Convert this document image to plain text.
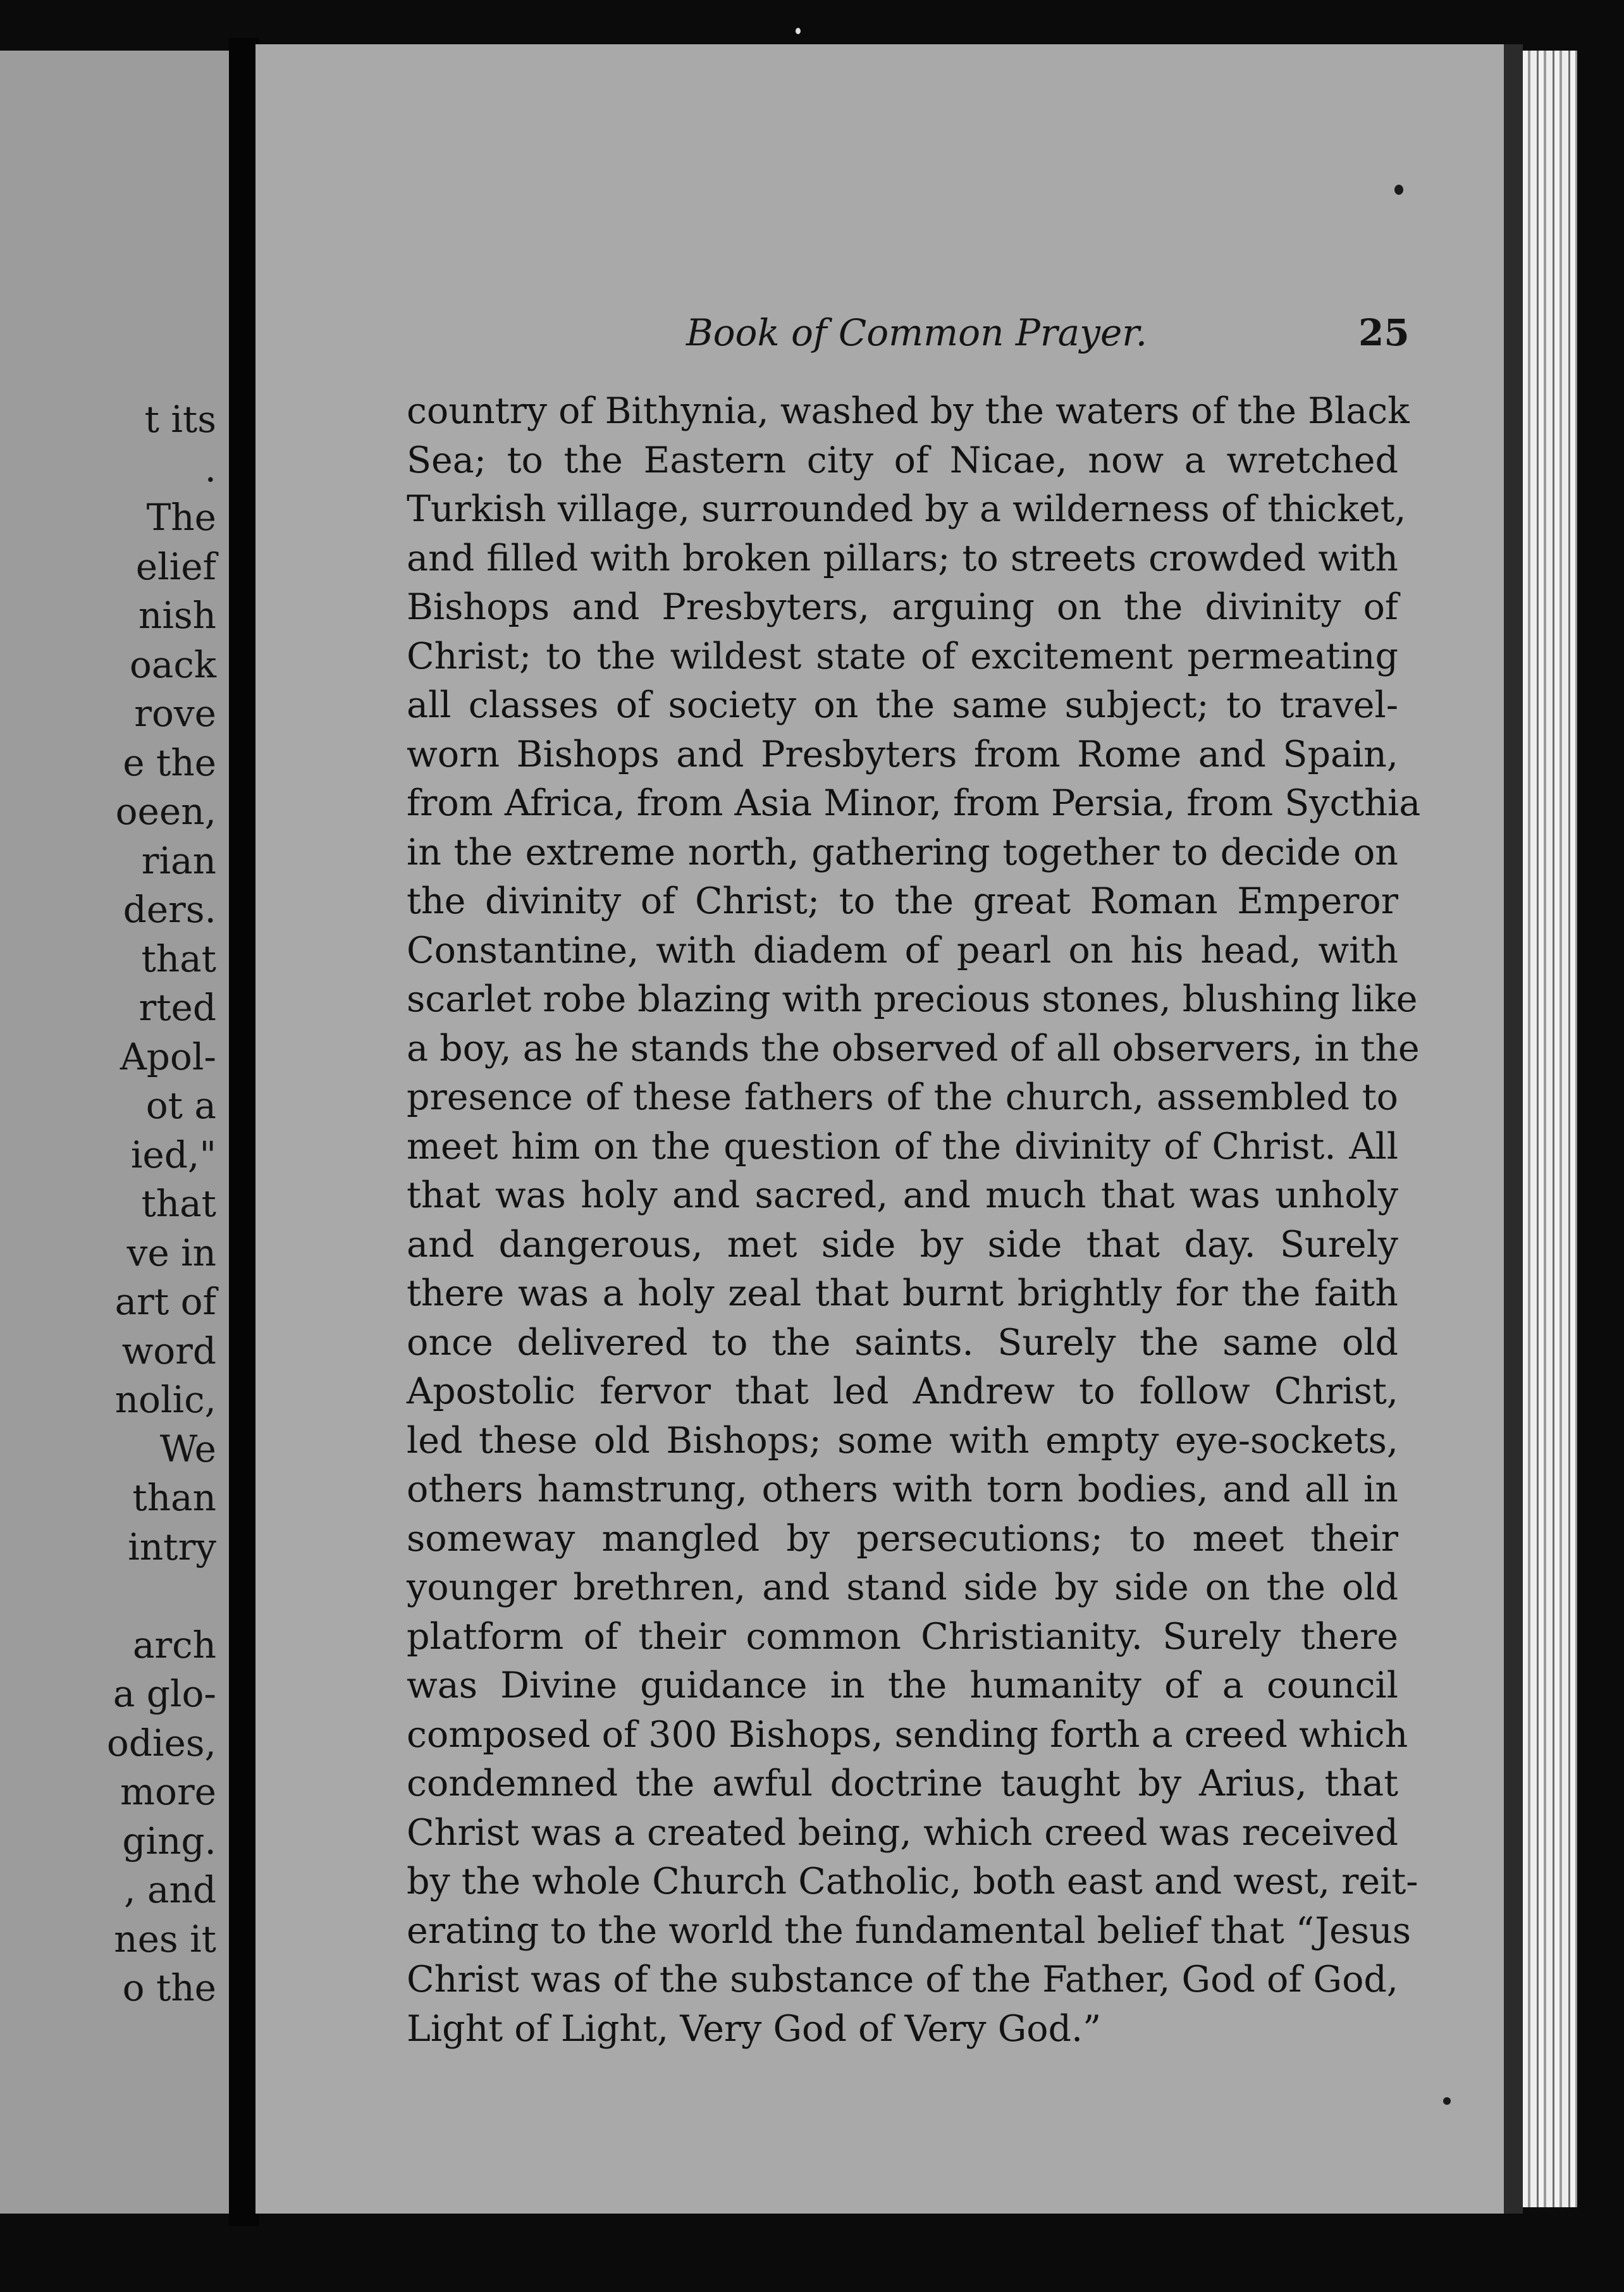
t its
.
The
elief
nish
oack
rove
e the
oeen,
rian
ders.
that
rted
Apol-
ot a
ied,"
that
ve in
art of
word
nolic,
We
than
intry
arch
a glo-
odies,
more
ging.
, and
nes it
o the
Book of Common Prayer.	25
country of Bithynia, washed by the waters of the Black
Sea; to the Eastern city of Nicae, now a wretched
Turkish village, surrounded by a wilderness of thicket,
and filled with broken pillars; to streets crowded with
Bishops and Presbyters, arguing on the divinity of
Christ; to the wildest state of excitement permeating
all classes of society on the same subject; to travel-
worn Bishops and Presbyters from Rome and Spain,
from Africa, from Asia Minor, from Persia, from Sycthia
in the extreme north, gathering together to decide on
the divinity of Christ; to the great Roman Emperor
Constantine, with diadem of pearl on his head, with
scarlet robe blazing with precious stones, blushing like
a boy, as he stands the observed of all observers, in the
presence of these fathers of the church, assembled to
meet him on the question of the divinity of Christ. All
that was holy and sacred, and much that was unholy
and dangerous, met side by side that day. Surely
there was a holy zeal that burnt brightly for the faith
once delivered to the saints. Surely the same old
Apostolic fervor that led Andrew to follow Christ,
led these old Bishops; some with empty eye-sockets,
others hamstrung, others with torn bodies, and all in
someway mangled by persecutions; to meet their
younger brethren, and stand side by side on the old
platform of their common Christianity. Surely there
was Divine guidance in the humanity of a council
composed of 300 Bishops, sending forth a creed which
condemned the awful doctrine taught by Arius, that
Christ was a created being, which creed was received
by the whole Church Catholic, both east and west, reit-
erating to the world the fundamental belief that “Jesus
Christ was of the substance of the Father, God of God,
Light of Light, Very God of Very God.”
